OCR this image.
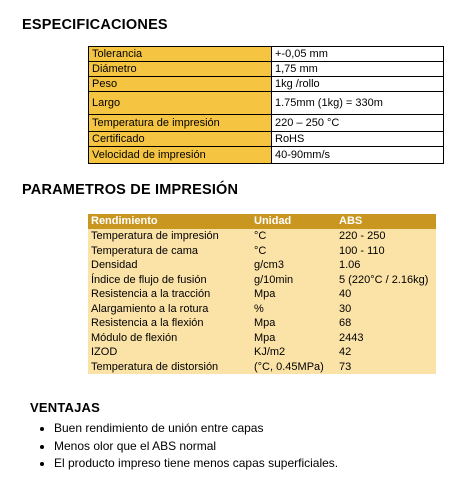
ESPECIFICACIONES
Tolerancia	+-0,05 mm
Diámetro	1,75 mm
Peso	1kg /rollo
Largo	1.75mm (1kg) = 330m
Temperatura de impresión	220 – 250 °C
Certificado	RoHS
Velocidad de impresión	40-90mm/s
PARAMETROS DE IMPRESIÓN
Rendimiento	Unidad	ABS
Temperatura de impresión	°C	220 - 250
Temperatura de cama	°C	100 - 110
Densidad	g/cm3	1.06
Índice de flujo de fusión	g/10min	5 (220°C / 2.16kg)
Resistencia a la tracción	Mpa	40
Alargamiento a la rotura	%	30
Resistencia a la flexión	Mpa	68
Módulo de flexión	Mpa	2443
IZOD	KJ/m2	42
Temperatura de distorsión	(°C, 0.45MPa)	73
VENTAJAS
• Buen rendimiento de unión entre capas
• Menos olor que el ABS normal
• El producto impreso tiene menos capas superficiales.
